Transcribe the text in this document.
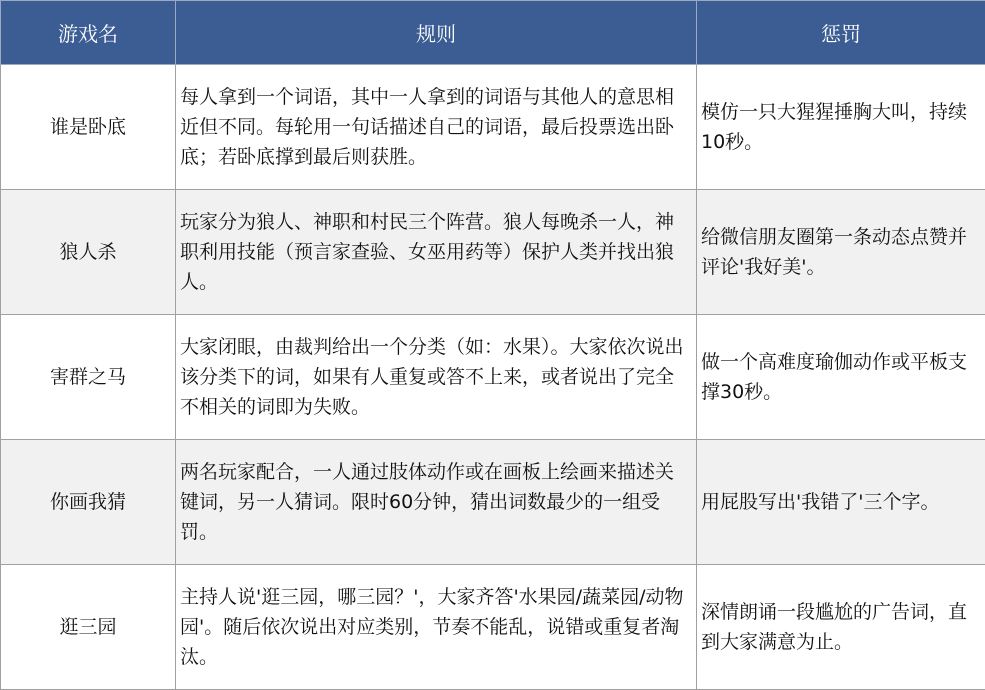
游戏名	规则	惩罚
谁是卧底	每人拿到一个词语，其中一人拿到的词语与其他人的意思相近但不同。每轮用一句话描述自己的词语，最后投票选出卧底；若卧底撑到最后则获胜。	模仿一只大猩猩捶胸大叫，持续10秒。
狼人杀	玩家分为狼人、神职和村民三个阵营。狼人每晚杀一人，神职利用技能（预言家查验、女巫用药等）保护人类并找出狼人。	给微信朋友圈第一条动态点赞并评论'我好美'。
害群之马	大家闭眼，由裁判给出一个分类（如：水果）。大家依次说出该分类下的词，如果有人重复或答不上来，或者说出了完全不相关的词即为失败。	做一个高难度瑜伽动作或平板支撑30秒。
你画我猜	两名玩家配合，一人通过肢体动作或在画板上绘画来描述关键词，另一人猜词。限时60分钟，猜出词数最少的一组受罚。	用屁股写出'我错了'三个字。
逛三园	主持人说'逛三园，哪三园？'，大家齐答'水果园/蔬菜园/动物园'。随后依次说出对应类别，节奏不能乱，说错或重复者淘汰。	深情朗诵一段尴尬的广告词，直到大家满意为止。
